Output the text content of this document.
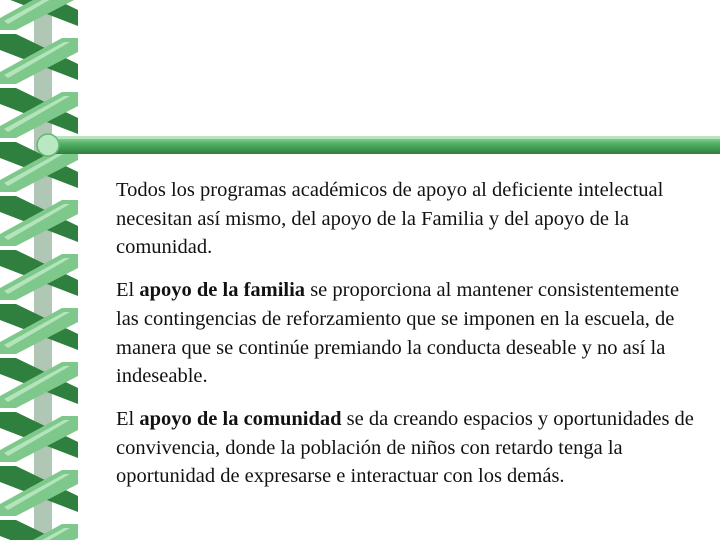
Todos los programas académicos de apoyo al deficiente intelectual necesitan así mismo, del apoyo de la Familia y del apoyo de la comunidad.

El apoyo de la familia se proporciona al mantener consistentemente las contingencias de reforzamiento que se imponen en la escuela, de manera que se continúe premiando la conducta deseable y no así la indeseable.

El apoyo de la comunidad se da creando espacios y oportunidades de convivencia, donde la población de niños con retardo tenga la oportunidad de expresarse e interactuar con los demás.
